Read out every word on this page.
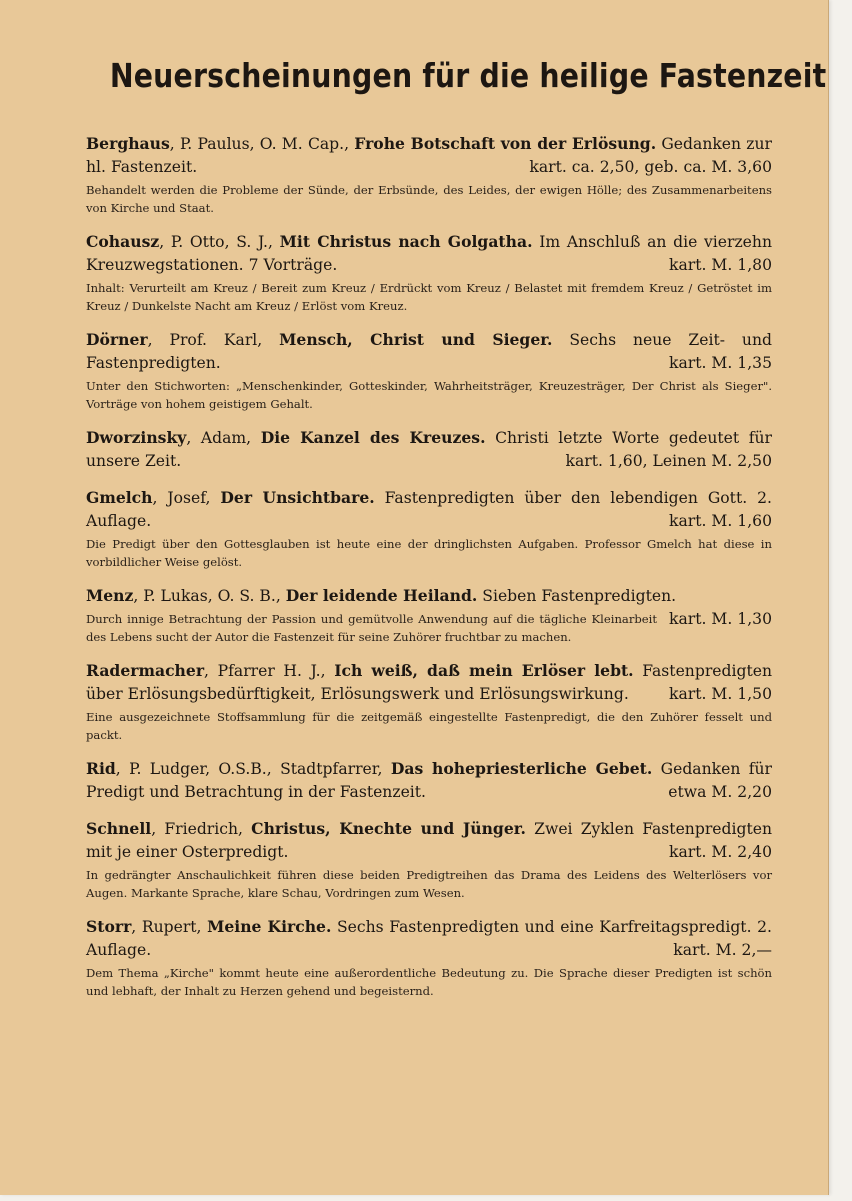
Neuerscheinungen für die heilige Fastenzeit
Berghaus, P. Paulus, O. M. Cap., Frohe Botschaft von der Erlösung. Gedanken zur hl. Fastenzeit.	kart. ca. 2,50, geb. ca. M. 3,60
Behandelt werden die Probleme der Sünde, der Erbsünde, des Leides, der ewigen Hölle; des Zusammenarbeitens von Kirche und Staat.
Cohausz, P. Otto, S. J., Mit Christus nach Golgatha. Im Anschluß an die vierzehn Kreuzwegstationen. 7 Vorträge.	kart. M. 1,80
Inhalt: Verurteilt am Kreuz / Bereit zum Kreuz / Erdrückt vom Kreuz / Belastet mit fremdem Kreuz / Getröstet im Kreuz / Dunkelste Nacht am Kreuz / Erlöst vom Kreuz.
Dörner, Prof. Karl, Mensch, Christ und Sieger. Sechs neue Zeit- und Fastenpredigten.	kart. M. 1,35
Unter den Stichworten: „Menschenkinder, Gotteskinder, Wahrheitsträger, Kreuzesträger, Der Christ als Sieger". Vorträge von hohem geistigem Gehalt.
Dworzinsky, Adam, Die Kanzel des Kreuzes. Christi letzte Worte gedeutet für unsere Zeit.	kart. 1,60, Leinen M. 2,50
Gmelch, Josef, Der Unsichtbare. Fastenpredigten über den lebendigen Gott. 2. Auflage.	kart. M. 1,60
Die Predigt über den Gottesglauben ist heute eine der dringlichsten Aufgaben. Professor Gmelch hat diese in vorbildlicher Weise gelöst.
Menz, P. Lukas, O. S. B., Der leidende Heiland. Sieben Fastenpredigten.
kart. M. 1,30
Durch innige Betrachtung der Passion und gemütvolle Anwendung auf die tägliche Kleinarbeit des Lebens sucht der Autor die Fastenzeit für seine Zuhörer fruchtbar zu machen.
Radermacher, Pfarrer H. J., Ich weiß, daß mein Erlöser lebt. Fastenpredigten über Erlösungsbedürftigkeit, Erlösungswerk und Erlösungswirkung.	kart. M. 1,50
Eine ausgezeichnete Stoffsammlung für die zeitgemäß eingestellte Fastenpredigt, die den Zuhörer fesselt und packt.
Rid, P. Ludger, O.S.B., Stadtpfarrer, Das hohepriesterliche Gebet. Gedanken für Predigt und Betrachtung in der Fastenzeit.	etwa M. 2,20
Schnell, Friedrich, Christus, Knechte und Jünger. Zwei Zyklen Fastenpredigten mit je einer Osterpredigt.	kart. M. 2,40
In gedrängter Anschaulichkeit führen diese beiden Predigtreihen das Drama des Leidens des Welterlösers vor Augen. Markante Sprache, klare Schau, Vordringen zum Wesen.
Storr, Rupert, Meine Kirche. Sechs Fastenpredigten und eine Karfreitagspredigt. 2. Auflage.	kart. M. 2,—
Dem Thema „Kirche" kommt heute eine außerordentliche Bedeutung zu. Die Sprache dieser Predigten ist schön und lebhaft, der Inhalt zu Herzen gehend und begeisternd.
